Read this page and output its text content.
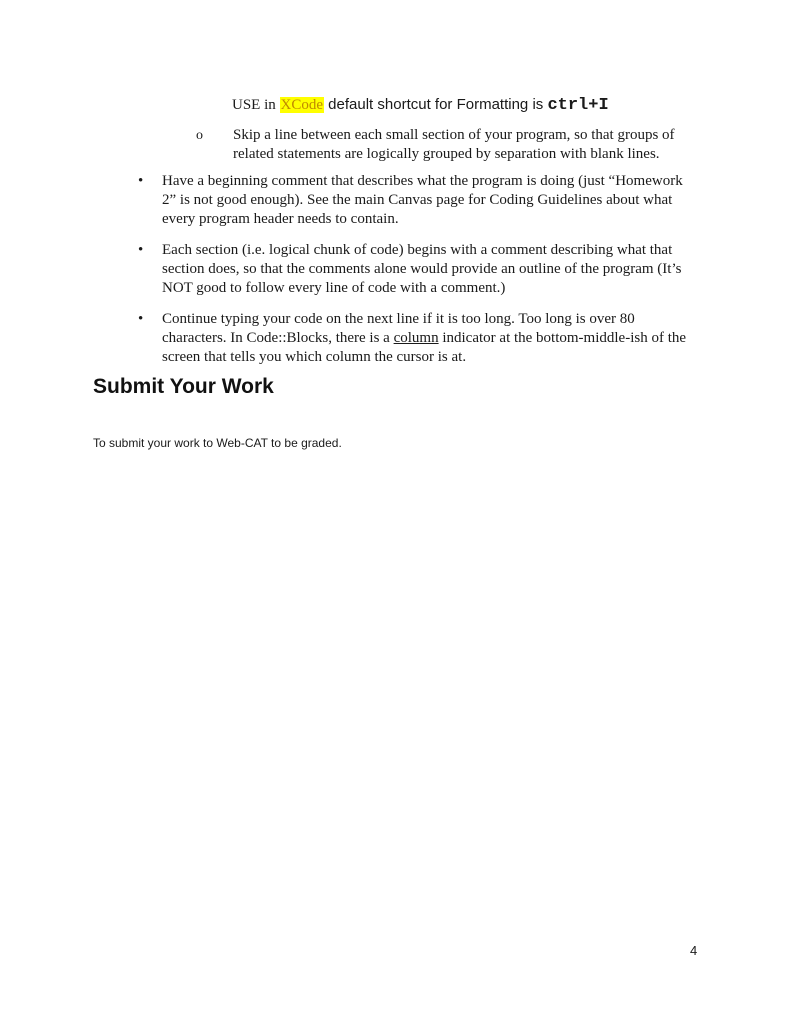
USE in XCode default shortcut for Formatting is ctrl+I
o	Skip a line between each small section of your program, so that groups of related statements are logically grouped by separation with blank lines.
•	Have a beginning comment that describes what the program is doing (just “Homework 2” is not good enough). See the main Canvas page for Coding Guidelines about what every program header needs to contain.
•	Each section (i.e. logical chunk of code) begins with a comment describing what that section does, so that the comments alone would provide an outline of the program (It’s NOT good to follow every line of code with a comment.)
•	Continue typing your code on the next line if it is too long. Too long is over 80 characters. In Code::Blocks, there is a column indicator at the bottom-middle-ish of the screen that tells you which column the cursor is at.
Submit Your Work

To submit your work to Web-CAT to be graded.

4
